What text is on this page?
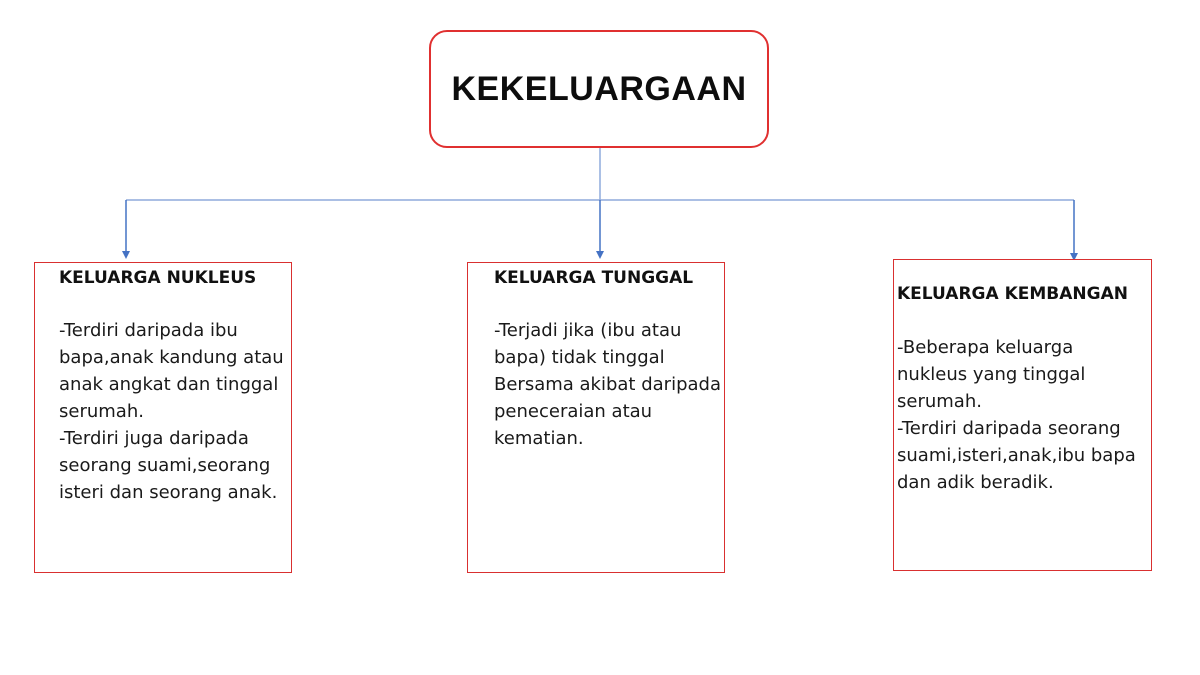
KEKELUARGAAN
KELUARGA NUKLEUS
-Terdiri daripada ibu
bapa,anak kandung atau
anak angkat dan tinggal
serumah.
-Terdiri juga daripada
seorang suami,seorang
isteri dan seorang anak.
KELUARGA TUNGGAL
-Terjadi jika (ibu atau
bapa) tidak tinggal
Bersama akibat daripada
peneceraian atau
kematian.
KELUARGA KEMBANGAN
-Beberapa keluarga
nukleus yang tinggal
serumah.
-Terdiri daripada seorang
suami,isteri,anak,ibu bapa
dan adik beradik.
